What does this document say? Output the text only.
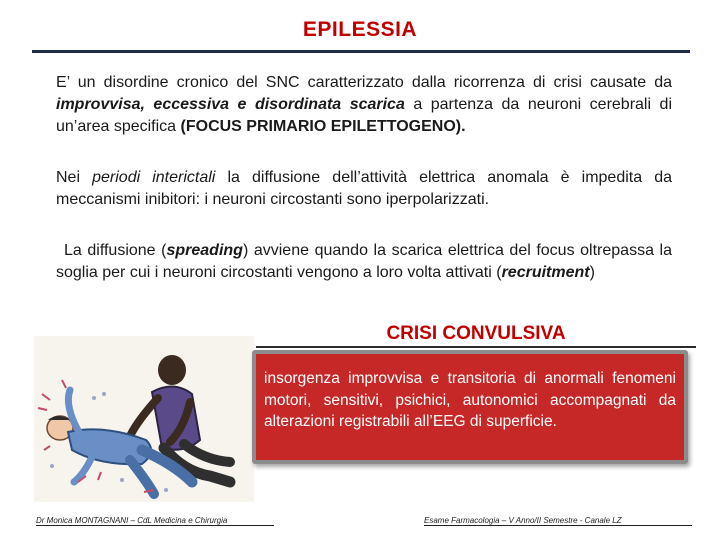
EPILESSIA
E’ un disordine cronico del SNC caratterizzato dalla ricorrenza di crisi causate da improvvisa, eccessiva e disordinata scarica a partenza da neuroni cerebrali di un’area specifica (FOCUS PRIMARIO EPILETTOGENO).
Nei periodi interictali la diffusione dell’attività elettrica anomala è impedita da meccanismi inibitori: i neuroni circostanti sono iperpolarizzati.
La diffusione (spreading) avviene quando la scarica elettrica del focus oltrepassa la soglia per cui i neuroni circostanti vengono a loro volta attivati (recruitment)
CRISI CONVULSIVA
insorgenza improvvisa e transitoria di anormali fenomeni motori, sensitivi, psichici, autonomici accompagnati da alterazioni registrabili all’EEG di superficie.
Dr Monica MONTAGNANI – CdL Medicina e Chirurgia	Esame Farmacologia – V Anno/II Semestre - Canale LZ
